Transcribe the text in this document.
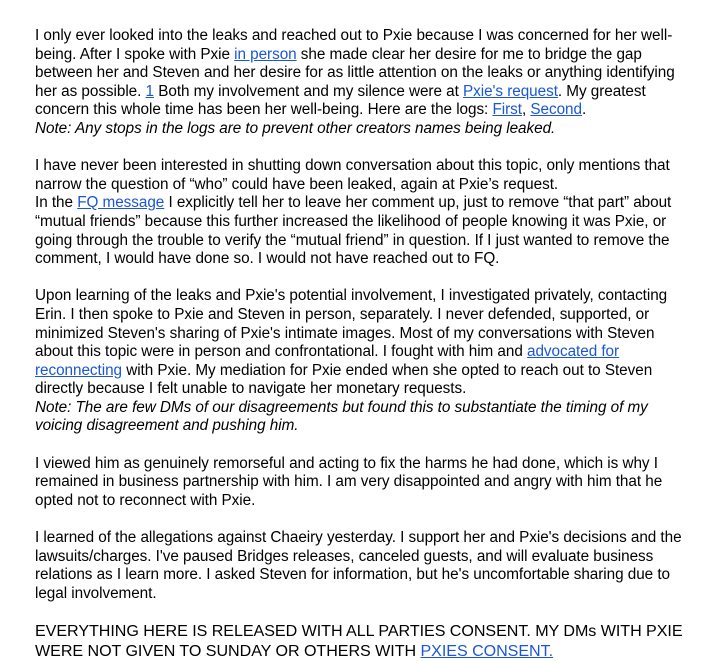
I only ever looked into the leaks and reached out to Pxie because I was concerned for her well-being. After I spoke with Pxie in person she made clear her desire for me to bridge the gap between her and Steven and her desire for as little attention on the leaks or anything identifying her as possible. 1 Both my involvement and my silence were at Pxie's request. My greatest concern this whole time has been her well-being. Here are the logs: First, Second.

Note: Any stops in the logs are to prevent other creators names being leaked.

I have never been interested in shutting down conversation about this topic, only mentions that narrow the question of “who” could have been leaked, again at Pxie’s request.

In the FQ message I explicitly tell her to leave her comment up, just to remove “that part” about “mutual friends” because this further increased the likelihood of people knowing it was Pxie, or going through the trouble to verify the “mutual friend” in question. If I just wanted to remove the comment, I would have done so. I would not have reached out to FQ.

Upon learning of the leaks and Pxie's potential involvement, I investigated privately, contacting Erin. I then spoke to Pxie and Steven in person, separately. I never defended, supported, or minimized Steven's sharing of Pxie's intimate images. Most of my conversations with Steven about this topic were in person and confrontational. I fought with him and advocated for reconnecting with Pxie. My mediation for Pxie ended when she opted to reach out to Steven directly because I felt unable to navigate her monetary requests.

Note: The are few DMs of our disagreements but found this to substantiate the timing of my voicing disagreement and pushing him.

I viewed him as genuinely remorseful and acting to fix the harms he had done, which is why I remained in business partnership with him. I am very disappointed and angry with him that he opted not to reconnect with Pxie.

I learned of the allegations against Chaeiry yesterday. I support her and Pxie's decisions and the lawsuits/charges. I've paused Bridges releases, canceled guests, and will evaluate business relations as I learn more. I asked Steven for information, but he's uncomfortable sharing due to legal involvement.

EVERYTHING HERE IS RELEASED WITH ALL PARTIES CONSENT. MY DMs WITH PXIE WERE NOT GIVEN TO SUNDAY OR OTHERS WITH PXIES CONSENT.
